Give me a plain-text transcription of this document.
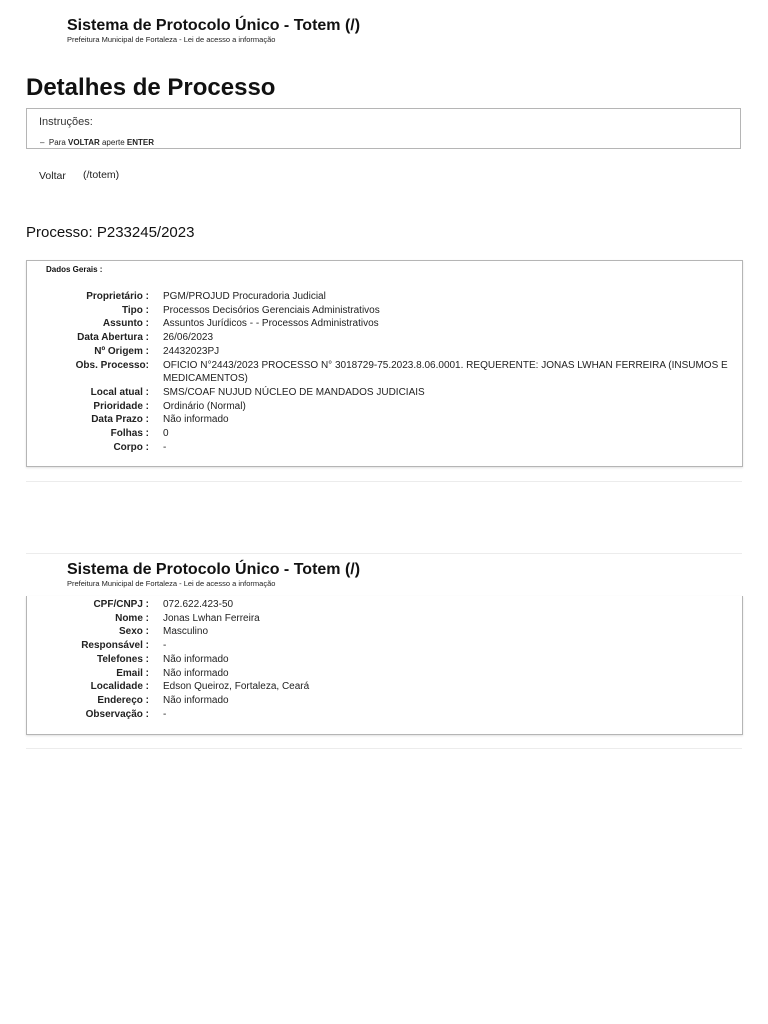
Sistema de Protocolo Único - Totem (/)
Prefeitura Municipal de Fortaleza - Lei de acesso a informação
Detalhes de Processo
Instruções:
– Para VOLTAR aperte ENTER
Voltar (/totem)
Processo: P233245/2023
Dados Gerais :
Proprietário : PGM/PROJUD Procuradoria Judicial
Tipo : Processos Decisórios Gerenciais Administrativos
Assunto : Assuntos Jurídicos - - Processos Administrativos
Data Abertura : 26/06/2023
Nº Origem : 24432023PJ
Obs. Processo: OFICIO N°2443/2023 PROCESSO N° 3018729-75.2023.8.06.0001. REQUERENTE: JONAS LWHAN FERREIRA (INSUMOS E MEDICAMENTOS)
Local atual : SMS/COAF NUJUD NÚCLEO DE MANDADOS JUDICIAIS
Prioridade : Ordinário (Normal)
Data Prazo : Não informado
Folhas : 0
Corpo : -
Sistema de Protocolo Único - Totem (/)
Prefeitura Municipal de Fortaleza - Lei de acesso a informação
CPF/CNPJ : 072.622.423-50
Nome : Jonas Lwhan Ferreira
Sexo : Masculino
Responsável : -
Telefones : Não informado
Email : Não informado
Localidade : Edson Queiroz, Fortaleza, Ceará
Endereço : Não informado
Observação : -
